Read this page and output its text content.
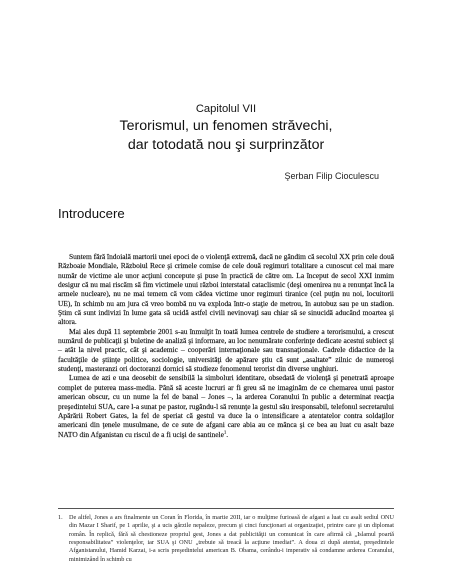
Capitolul VII
Terorismul, un fenomen străvechi,
dar totodată nou şi surprinzător
Şerban Filip Cioculescu
Introducere

Suntem fără îndoială martorii unei epoci de o violenţă extremă, dacă ne gândim că secolul XX prin cele două Războaie Mondiale, Războiul Rece şi crimele comise de cele două regimuri totalitare a cunoscut cel mai mare număr de victime ale unor acţiuni concepute şi puse în practică de către om. La început de secol XXI inmim desigur că nu mai riscăm să fim victimele unui război interstatal cataclismic (deşi omenirea nu a renunţat încă la armele nucleare), nu ne mai temem că vom cădea victime unor regimuri tiranice (cel puţin nu noi, locuitorii UE), în schimb nu am jura că vreo bombă nu va exploda într-o staţie de metrou, în autobuz sau pe un stadion. Ştim că sunt indivizi în lume gata să ucidă astfel civili nevinovaţi sau chiar să se sinucidă aducând moartea şi altora.

Mai ales după 11 septembrie 2001 s-au înmulţit în toată lumea centrele de studiere a terorismului, a crescut numărul de publicaţii şi buletine de analiză şi informare, au loc nenumărate conferinţe dedicate acestui subiect şi – atât la nivel practic, cât şi academic – cooperări internaţionale sau transnaţionale. Cadrele didactice de la facultăţile de ştiinţe politice, sociologie, universităţi de apărare ştiu că sunt „asaltate” zilnic de numeroşi studenţi, masteranzi ori doctoranzi dornici să studieze fenomenul terorist din diverse unghiuri.

Lumea de azi e una deosebit de sensibilă la simboluri identitare, obsedată de violenţă şi penetrată aproape complet de puterea mass-media. Până să aceste lucruri ar fi greu să ne imaginăm de ce chemarea unui pastor american obscur, cu un nume la fel de banal – Jones –, la arderea Coranului în public a determinat reacţia preşedintelui SUA, care l-a sunat pe pastor, rugându-l să renunţe la gestul său iresponsabil, telefonul secretarului Apărării Robert Gates, la fel de speriat că gestul va duce la o intensificare a atentatelor contra soldaţilor americani din ţenele musulmane, de ce sute de afgani care abia au ce mânca şi ce bea au luat cu asalt baze NATO din Afganistan cu riscul de a fi ucişi de santinele$^1$.

1. De altfel, Jones a ars finalmente un Coran în Florida, în martie 20II, iar o mulţime furioasă de afgani a luat cu asalt sediul ONU din Mazar I Sharif, pe 1 aprilie, şi a ucis gărzile nepaleze, precum şi cinci funcţionari ai organizaţiei, printre care şi un diplomat român. În replică, fără să chestioneze propriul gest, Jones a dat publicităţii un comunicat în care afirmă că „Islamul poartă responsabilitatea” violenţelor, iar SUA şi ONU „trebuie să treacă la acţiune imediat”. A doua zi după atentat, preşedintele Afganistanului, Hamid Karzai, i-a scris preşedintelui american B. Obama, cerându-i imperativ să condamne arderea Coranului, minimizând în schimb cu
